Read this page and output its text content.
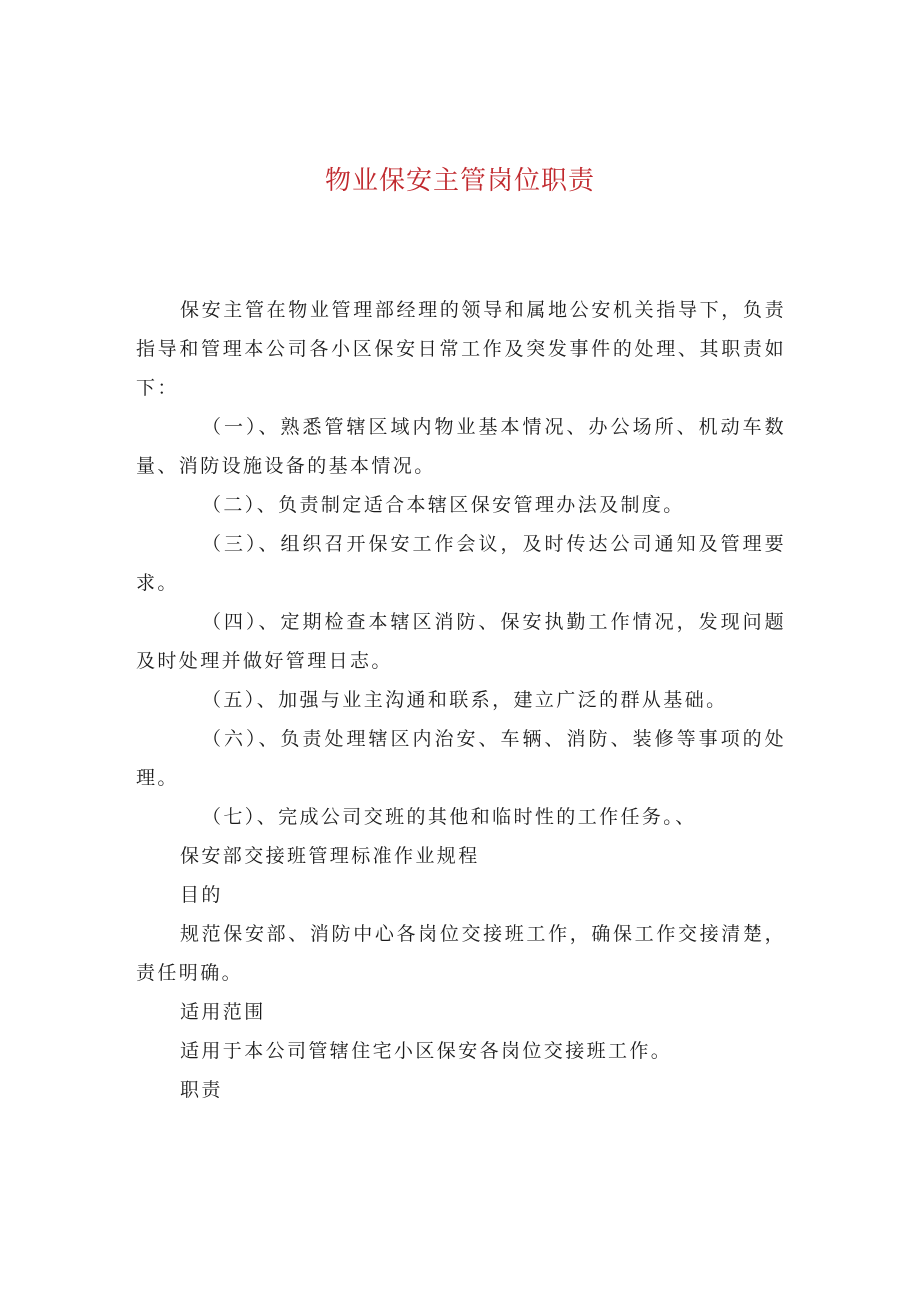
物业保安主管岗位职责

保安主管在物业管理部经理的领导和属地公安机关指导下，负责指导和管理本公司各小区保安日常工作及突发事件的处理、其职责如下：

（一）、熟悉管辖区域内物业基本情况、办公场所、机动车数量、消防设施设备的基本情况。

（二）、负责制定适合本辖区保安管理办法及制度。

（三）、组织召开保安工作会议，及时传达公司通知及管理要求。

（四）、定期检查本辖区消防、保安执勤工作情况，发现问题及时处理并做好管理日志。

（五）、加强与业主沟通和联系，建立广泛的群从基础。

（六）、负责处理辖区内治安、车辆、消防、装修等事项的处理。

（七）、完成公司交班的其他和临时性的工作任务。、

保安部交接班管理标准作业规程

目的

规范保安部、消防中心各岗位交接班工作，确保工作交接清楚，责任明确。

适用范围

适用于本公司管辖住宅小区保安各岗位交接班工作。

职责
